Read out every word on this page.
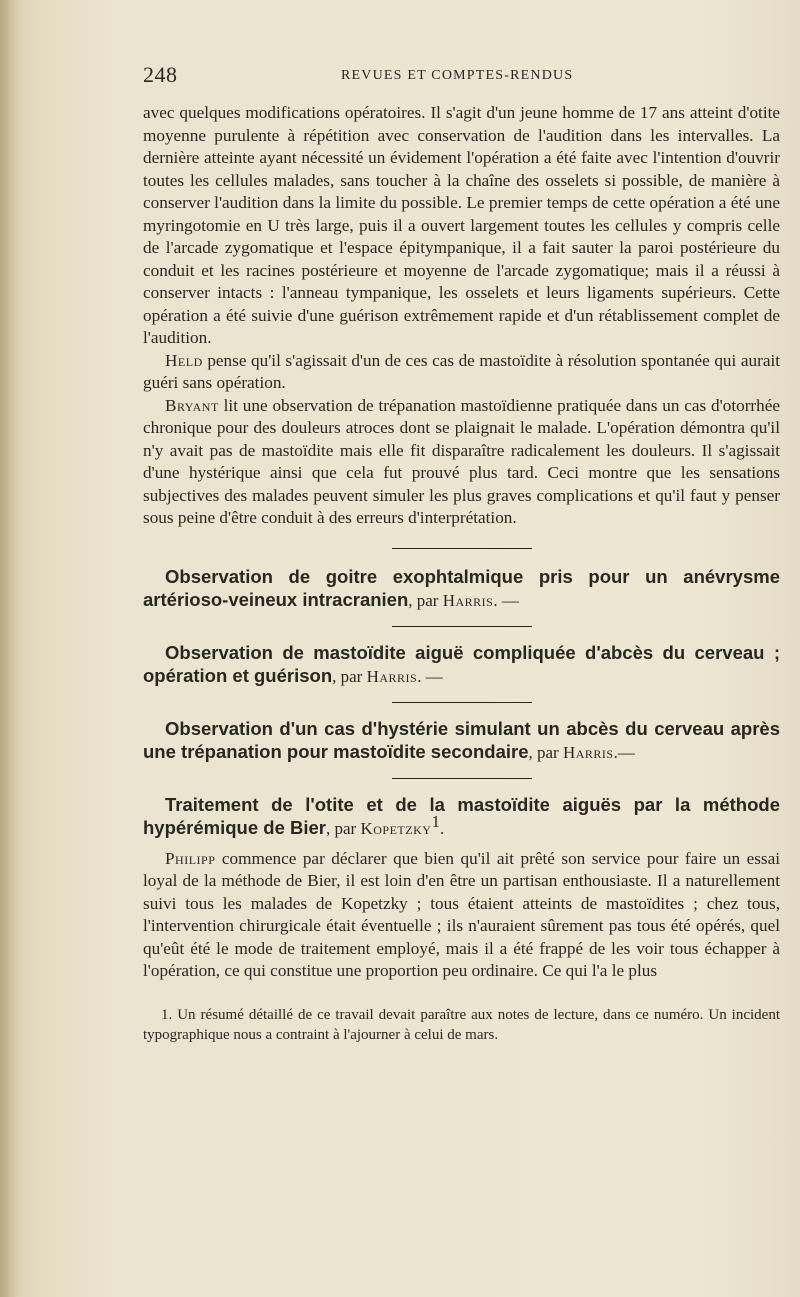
248	REVUES ET COMPTES-RENDUS

avec quelques modifications opératoires. Il s'agit d'un jeune homme de 17 ans atteint d'otite moyenne purulente à répétition avec conservation de l'audition dans les intervalles. La dernière atteinte ayant nécessité un évidement l'opération a été faite avec l'intention d'ouvrir toutes les cellules malades, sans toucher à la chaîne des osselets si possible, de manière à conserver l'audition dans la limite du possible. Le premier temps de cette opération a été une myringotomie en U très large, puis il a ouvert largement toutes les cellules y compris celle de l'arcade zygomatique et l'espace épitympanique, il a fait sauter la paroi postérieure du conduit et les racines postérieure et moyenne de l'arcade zygomatique; mais il a réussi à conserver intacts : l'anneau tympanique, les osselets et leurs ligaments supérieurs. Cette opération a été suivie d'une guérison extrêmement rapide et d'un rétablissement complet de l'audition.

Held pense qu'il s'agissait d'un de ces cas de mastoïdite à résolution spontanée qui aurait guéri sans opération.

Bryant lit une observation de trépanation mastoïdienne pratiquée dans un cas d'otorrhée chronique pour des douleurs atroces dont se plaignait le malade. L'opération démontra qu'il n'y avait pas de mastoïdite mais elle fit disparaître radicalement les douleurs. Il s'agissait d'une hystérique ainsi que cela fut prouvé plus tard. Ceci montre que les sensations subjectives des malades peuvent simuler les plus graves complications et qu'il faut y penser sous peine d'être conduit à des erreurs d'interprétation.

Observation de goitre exophtalmique pris pour un anévrysme artérioso-veineux intracranien, par Harris. —

Observation de mastoïdite aiguë compliquée d'abcès du cerveau ; opération et guérison, par Harris. —

Observation d'un cas d'hystérie simulant un abcès du cerveau après une trépanation pour mastoïdite secondaire, par Harris.—

Traitement de l'otite et de la mastoïdite aiguës par la méthode hypérémique de Bier, par Kopetzky1.

Philipp commence par déclarer que bien qu'il ait prêté son service pour faire un essai loyal de la méthode de Bier, il est loin d'en être un partisan enthousiaste. Il a naturellement suivi tous les malades de Kopetzky ; tous étaient atteints de mastoïdites ; chez tous, l'intervention chirurgicale était éventuelle ; ils n'auraient sûrement pas tous été opérés, quel qu'eût été le mode de traitement employé, mais il a été frappé de les voir tous échapper à l'opération, ce qui constitue une proportion peu ordinaire. Ce qui l'a le plus

1. Un résumé détaillé de ce travail devait paraître aux notes de lecture, dans ce numéro. Un incident typographique nous a contraint à l'ajourner à celui de mars.
